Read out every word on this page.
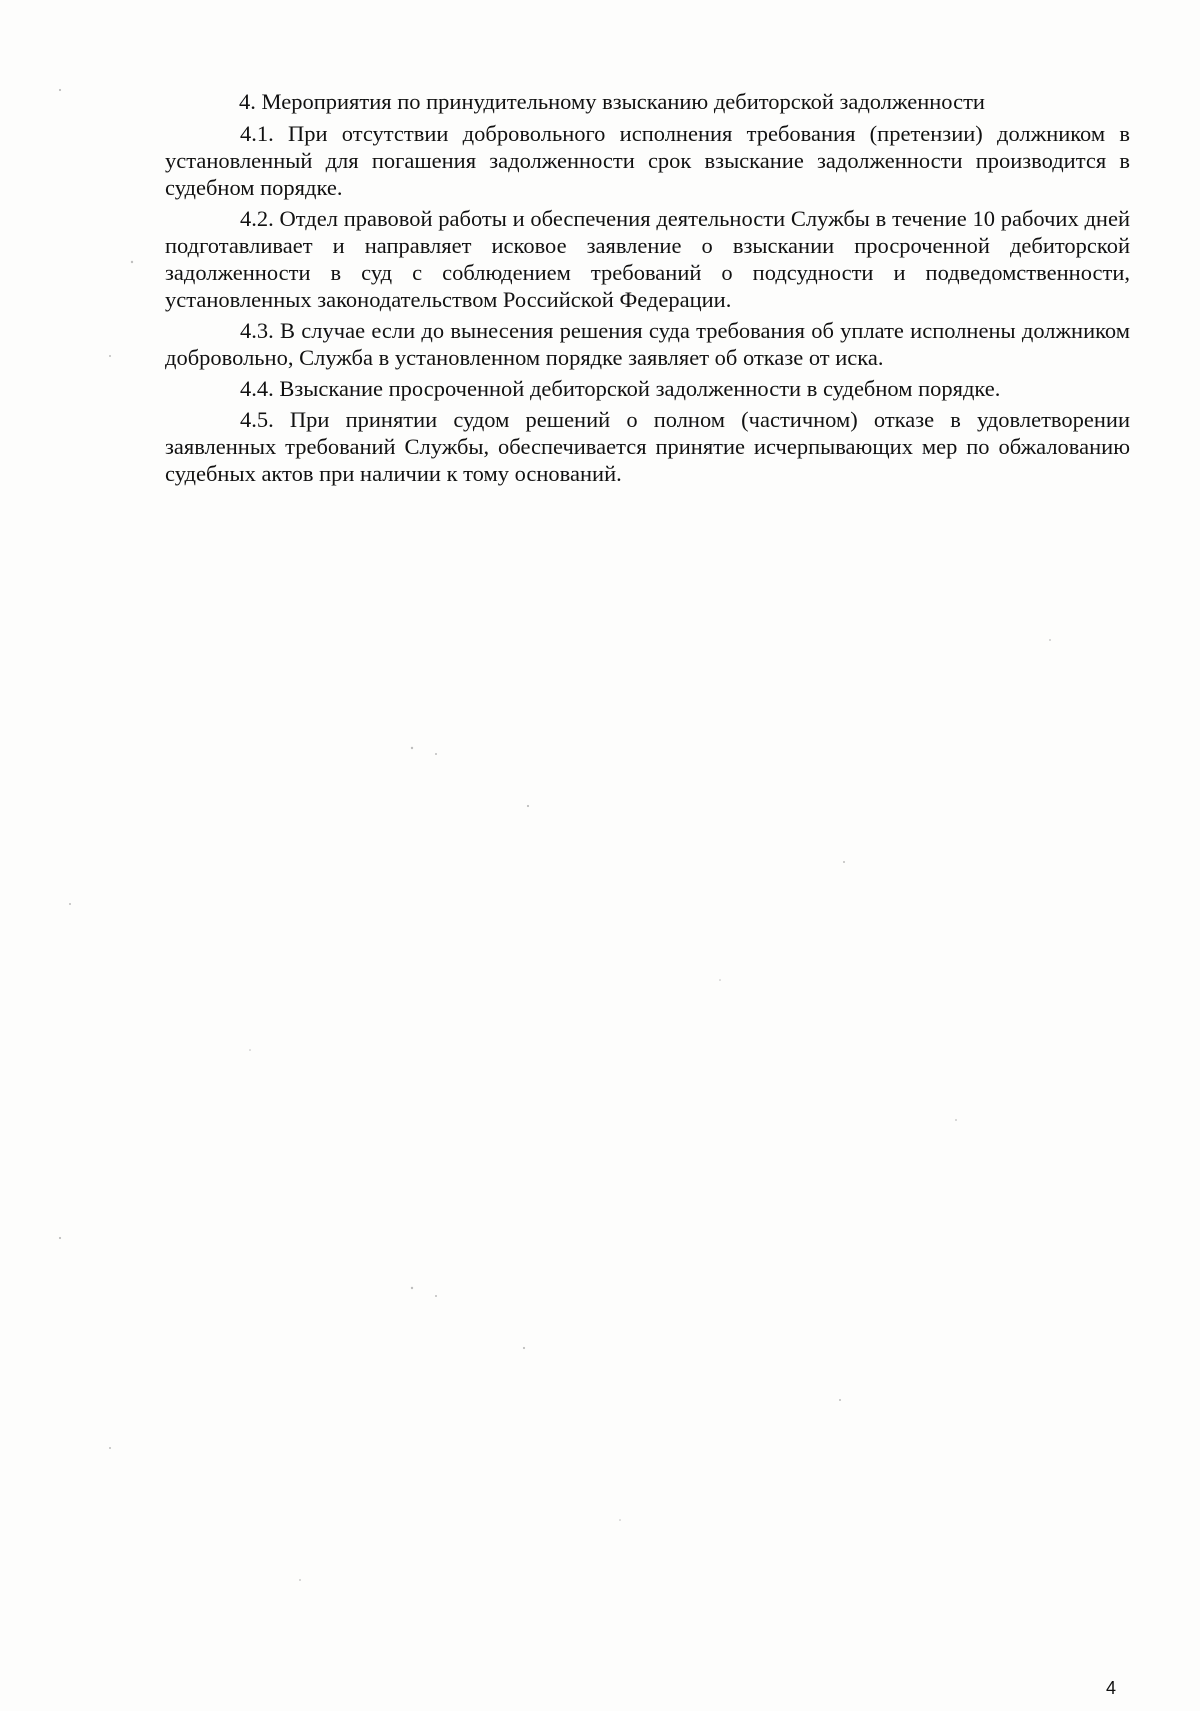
4. Мероприятия по принудительному взысканию дебиторской задолженности

4.1. При отсутствии добровольного исполнения требования (претензии) должником в установленный для погашения задолженности срок взыскание задолженности производится в судебном порядке.

4.2. Отдел правовой работы и обеспечения деятельности Службы в течение 10 рабочих дней подготавливает и направляет исковое заявление о взыскании просроченной дебиторской задолженности в суд с соблюдением требований о подсудности и подведомственности, установленных законодательством Российской Федерации.

4.3. В случае если до вынесения решения суда требования об уплате исполнены должником добровольно, Служба в установленном порядке заявляет об отказе от иска.

4.4. Взыскание просроченной дебиторской задолженности в судебном порядке.

4.5. При принятии судом решений о полном (частичном) отказе в удовлетворении заявленных требований Службы, обеспечивается принятие исчерпывающих мер по обжалованию судебных актов при наличии к тому оснований.

4
